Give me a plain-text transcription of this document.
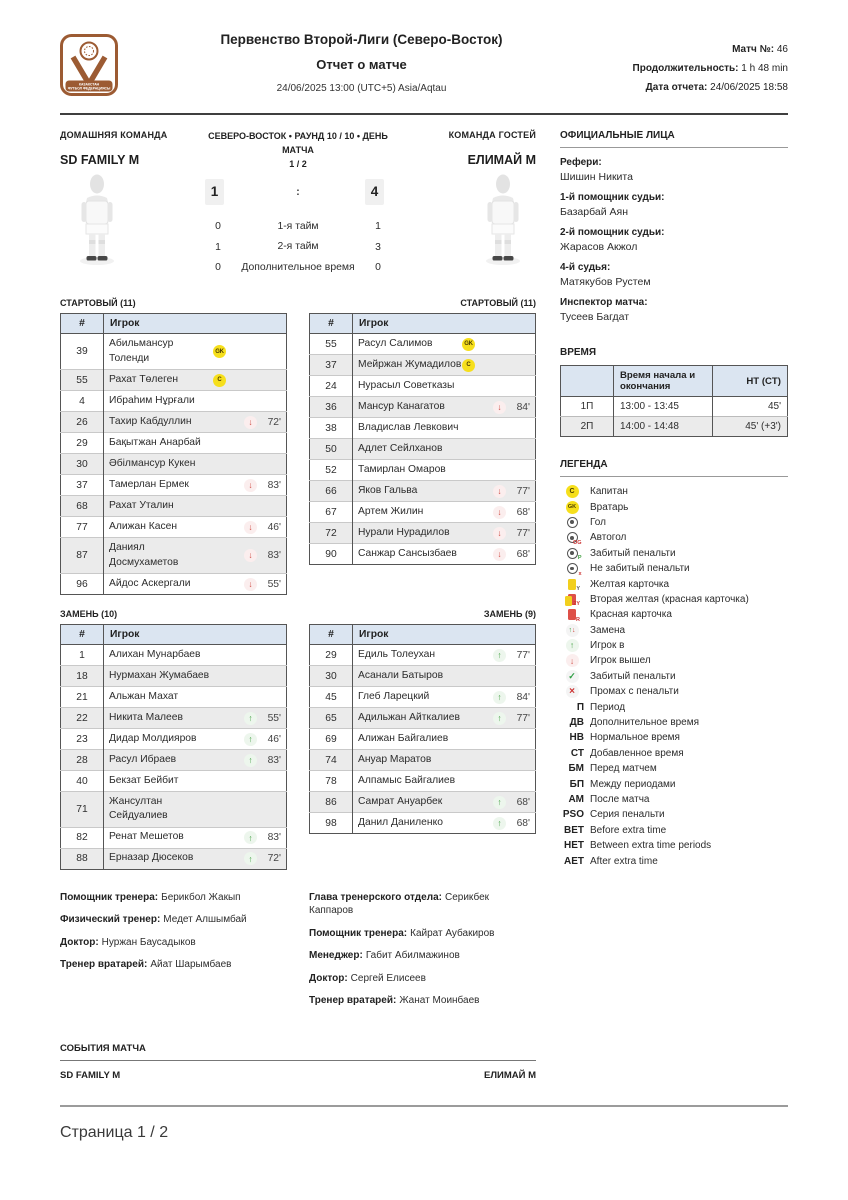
КАЗАКСТАН
ФУТБОЛ ФЕДЕРАЦИЯСЫ
Первенство Второй-Лиги (Северо-Восток)
Отчет о матче
24/06/2025 13:00 (UTC+5) Asia/Aqtau
Матч №: 46
Продолжительность: 1 h 48 min
Дата отчета: 24/06/2025 18:58
ДОМАШНЯЯ КОМАНДА
SD FAMILY M
СЕВЕРО-ВОСТОК • РАУНД 10 / 10 • ДЕНЬ МАТЧА
1 / 2
1	:	4
0	1-я тайм	1
1	2-я тайм	3
0	Дополнительное время	0
КОМАНДА ГОСТЕЙ
ЕЛИМАЙ М
СТАРТОВЫЙ (11)
#	Игрок
39	Абильмансур Толенди
GK

55	Рахат Төлеген C

4	Ибраһим Нұрғали

26	Тахир Кабдуллин ↓ 72'

29	Бақытжан Анарбай

30	Әбілмансур Кукен

37	Тамерлан Ермек ↓ 83'

68	Рахат Уталин

77	Алижан Касен ↓ 46'

87	Даниял Досмухаметов
↓ 83'

96	Айдос Аскергали ↓ 55'
СТАРТОВЫЙ (11)
#	Игрок
55	Расул Салимов GK

37	Мейржан Жумадилов C

24	Нурасыл Советказы

36	Мансур Канагатов ↓ 84'

38	Владислав Левкович

50	Адлет Сейлханов

52	Тамирлан Омаров

66	Яков Гальва ↓ 77'

67	Артем Жилин ↓ 68'

72	Нурали Нурадилов ↓ 77'

90	Санжар Сансызбаев ↓ 68'
ЗАМЕНЬ (10)
#	Игрок
1	Алихан Мунарбаев

18	Нурмахан Жумабаев

21	Альжан Махат

22	Никита Малеев ↑ 55'

23	Дидар Молдияров ↑ 46'

28	Расул Ибраев ↑ 83'

40	Бекзат Бейбит

71	Жансултан Сейдуалиев

82	Ренат Мешетов ↑ 83'

88	Ерназар Дюсеков ↑ 72'
ЗАМЕНЬ (9)
#	Игрок
29	Едиль Толеухан ↑ 77'

30	Асанали Батыров

45	Глеб Ларецкий ↑ 84'

65	Адильжан Айткалиев ↑ 77'

69	Алижан Байгалиев

74	Ануар Маратов

78	Алпамыс Байгалиев

86	Самрат Ануарбек ↑ 68'

98	Данил Даниленко ↑ 68'
Помощник тренера: Берикбол Жакып
Физический тренер: Медет Алшымбай
Доктор: Нуржан Баусадыков
Тренер вратарей: Айат Шарымбаев
Глава тренерского отдела: Серикбек Каппаров
Помощник тренера: Кайрат Аубакиров
Менеджер: Габит Абилмажинов
Доктор: Сергей Елисеев
Тренер вратарей: Жанат Моинбаев
СОБЫТИЯ МАТЧА
SD FAMILY M	ЕЛИМАЙ М
ОФИЦИАЛЬНЫЕ ЛИЦА
Рефери:
Шишин Никита
1-й помощник судьи:
Базарбай Аян
2-й помощник судьи:
Жарасов Акжол
4-й судья:
Матякубов Рустем
Инспектор матча:
Тусеев Багдат
ВРЕМЯ
	Время начала и окончания	HT (CT)
1П	13:00 - 13:45	45'
2П	14:00 - 14:48	45' (+3')
ЛЕГЕНДА
C	Капитан
GK Вратарь
Гол
OG Автогол
P Забитый пенальти
x Не забитый пенальти
Y Желтая карточка
2Y Вторая желтая (красная карточка)
R Красная карточка
↑ ↓ Замена
↑ Игрок в
↓ Игрок вышел
✓ Забитый пенальти
× Промах с пенальти
П Период
ДВ Дополнительное время
НВ Нормальное время
СТ Добавленное время
БМ Перед матчем
БП Между периодами
АМ После матча
PSO Серия пенальти
BET Before extra time
HET Between extra time periods
AET After extra time
Страница 1 / 2
